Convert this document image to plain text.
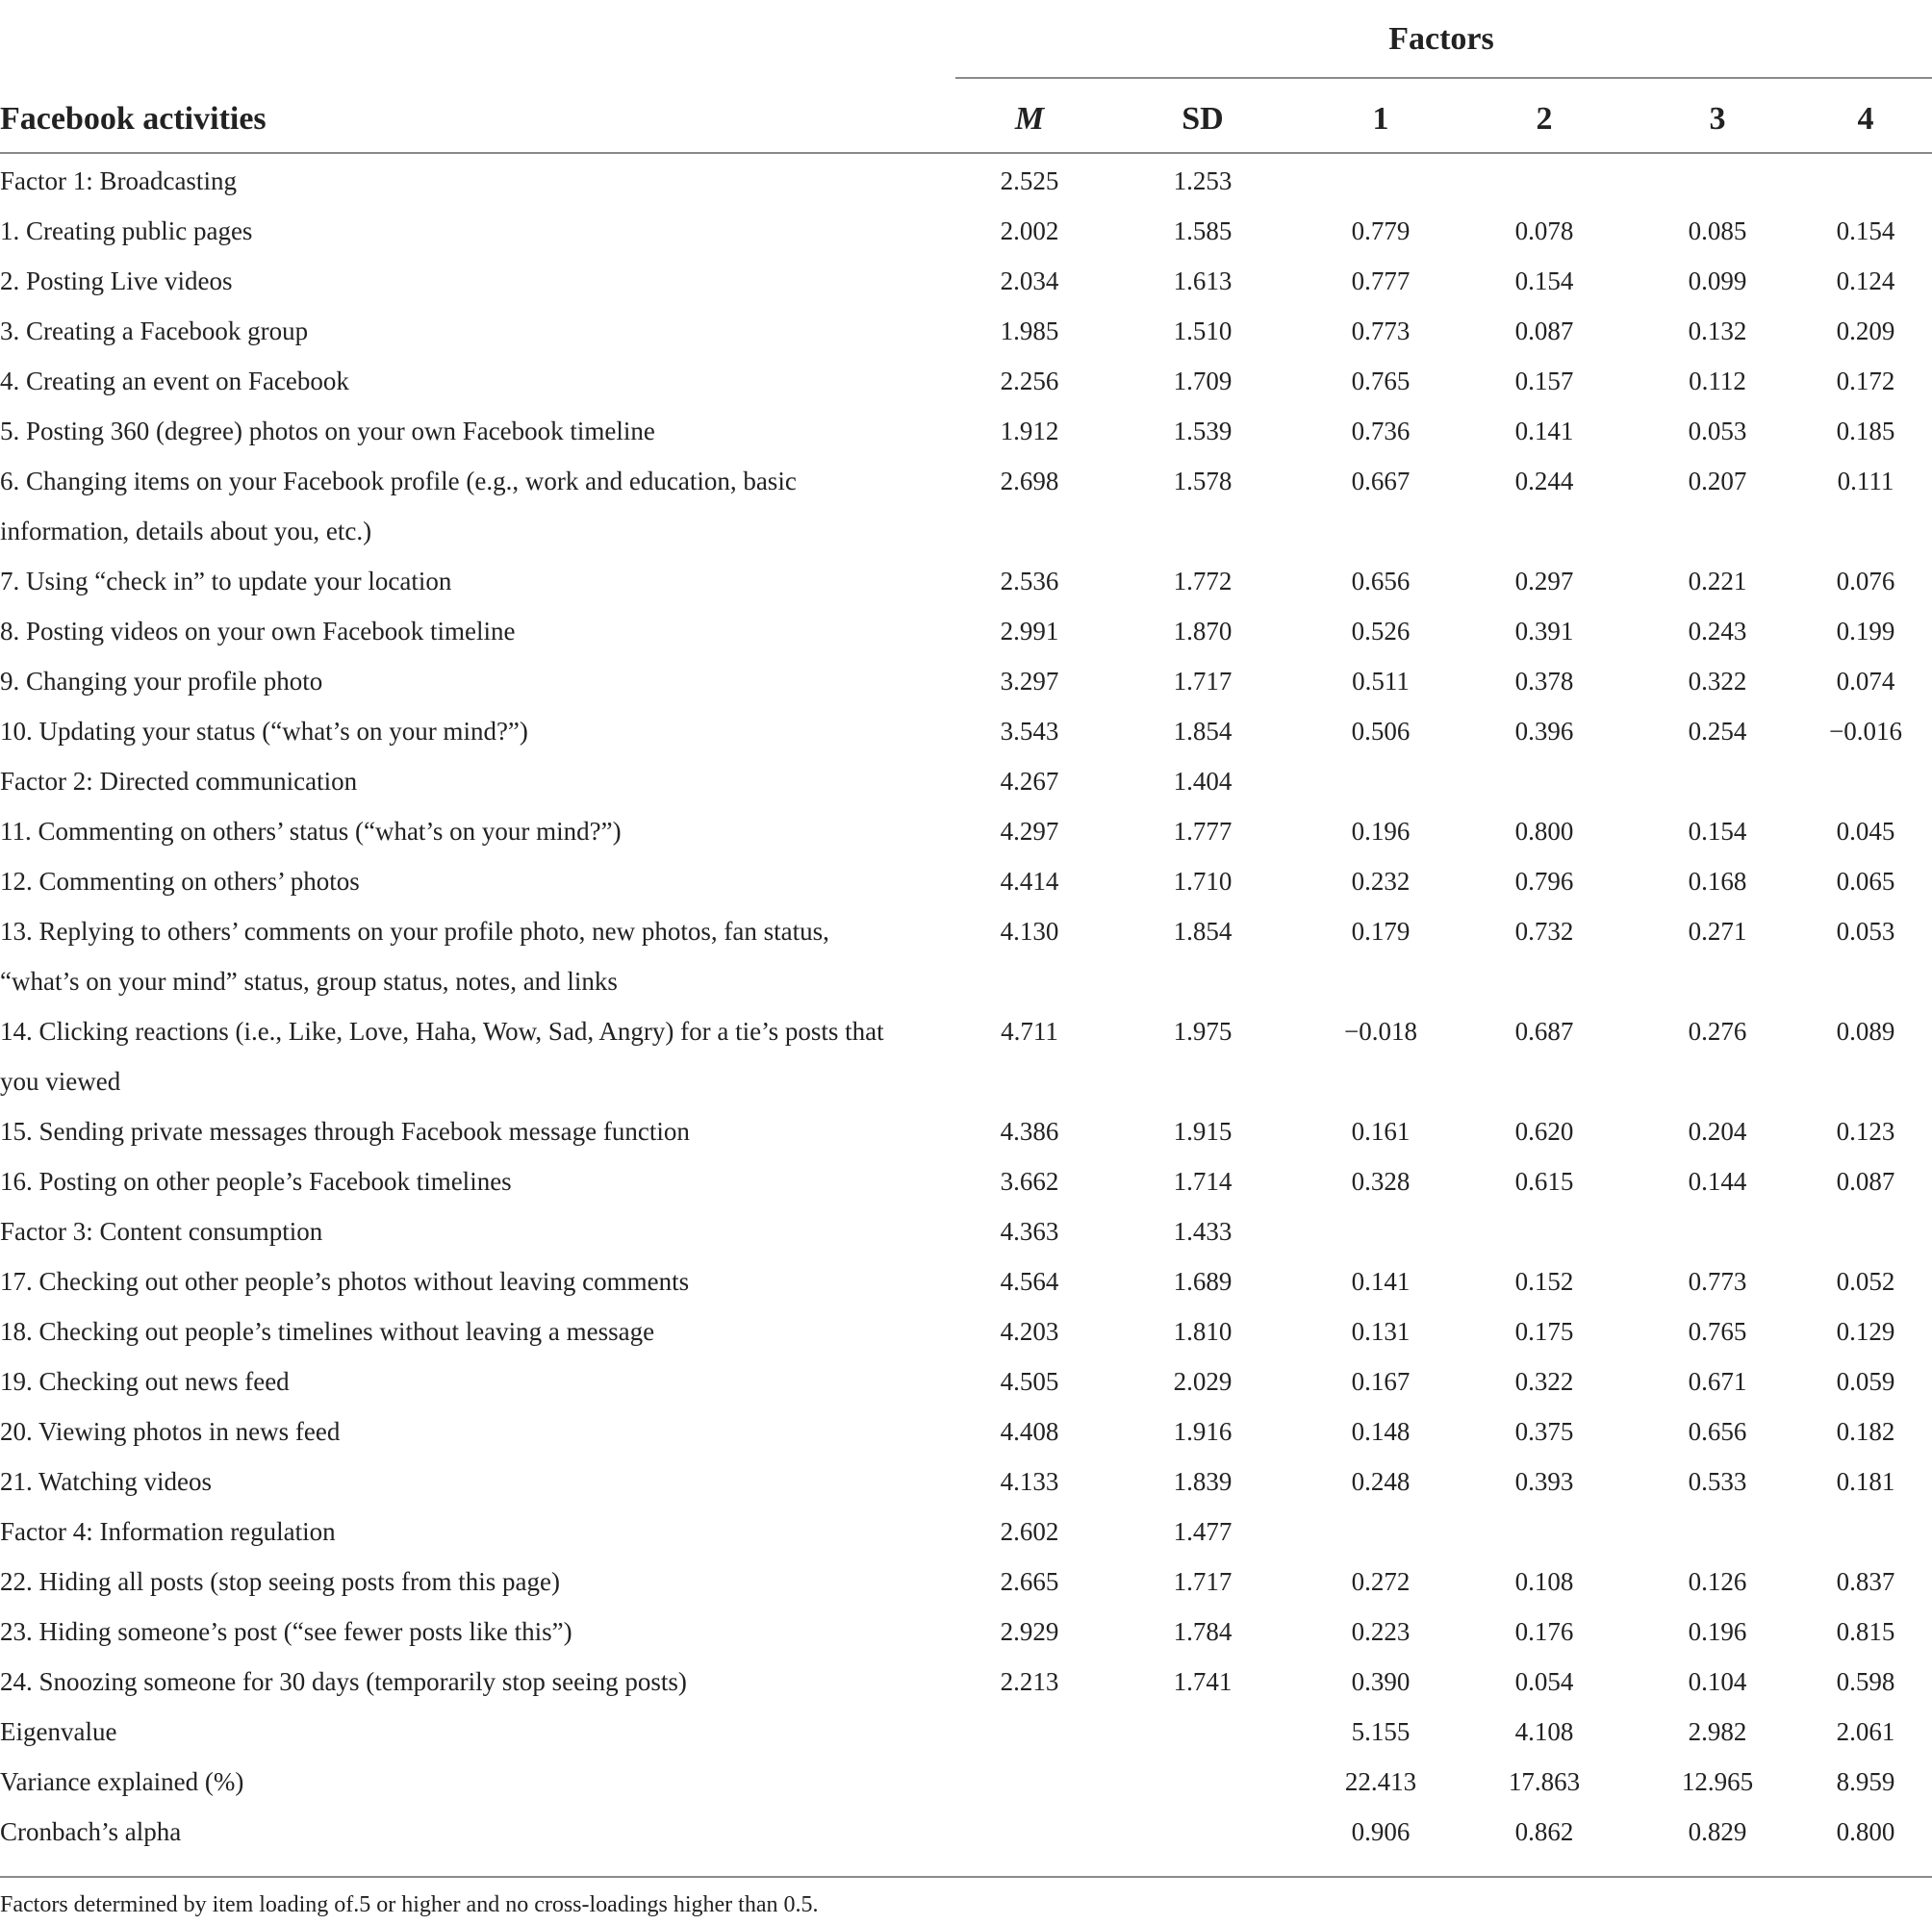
Factors
Facebook activities	M	SD	1	2	3	4

Factor 1: Broadcasting	2.525	1.253				

1. Creating public pages	2.002	1.585	0.779	0.078	0.085	0.154

2. Posting Live videos	2.034	1.613	0.777	0.154	0.099	0.124

3. Creating a Facebook group	1.985	1.510	0.773	0.087	0.132	0.209

4. Creating an event on Facebook	2.256	1.709	0.765	0.157	0.112	0.172

5. Posting 360 (degree) photos on your own Facebook timeline	1.912	1.539	0.736	0.141	0.053	0.185

6. Changing items on your Facebook profile (e.g., work and education, basic
information, details about you, etc.)	2.698	1.578	0.667	0.244	0.207	0.111

7. Using “check in” to update your location	2.536	1.772	0.656	0.297	0.221	0.076

8. Posting videos on your own Facebook timeline	2.991	1.870	0.526	0.391	0.243	0.199

9. Changing your profile photo	3.297	1.717	0.511	0.378	0.322	0.074

10. Updating your status (“what’s on your mind?”)	3.543	1.854	0.506	0.396	0.254	−0.016

Factor 2: Directed communication	4.267	1.404				

11. Commenting on others’ status (“what’s on your mind?”)	4.297	1.777	0.196	0.800	0.154	0.045

12. Commenting on others’ photos	4.414	1.710	0.232	0.796	0.168	0.065

13. Replying to others’ comments on your profile photo, new photos, fan status,
“what’s on your mind” status, group status, notes, and links	4.130	1.854	0.179	0.732	0.271	0.053

14. Clicking reactions (i.e., Like, Love, Haha, Wow, Sad, Angry) for a tie’s posts that
you viewed	4.711	1.975	−0.018	0.687	0.276	0.089

15. Sending private messages through Facebook message function	4.386	1.915	0.161	0.620	0.204	0.123

16. Posting on other people’s Facebook timelines	3.662	1.714	0.328	0.615	0.144	0.087

Factor 3: Content consumption	4.363	1.433				

17. Checking out other people’s photos without leaving comments	4.564	1.689	0.141	0.152	0.773	0.052

18. Checking out people’s timelines without leaving a message	4.203	1.810	0.131	0.175	0.765	0.129

19. Checking out news feed	4.505	2.029	0.167	0.322	0.671	0.059

20. Viewing photos in news feed	4.408	1.916	0.148	0.375	0.656	0.182

21. Watching videos	4.133	1.839	0.248	0.393	0.533	0.181

Factor 4: Information regulation	2.602	1.477				

22. Hiding all posts (stop seeing posts from this page)	2.665	1.717	0.272	0.108	0.126	0.837

23. Hiding someone’s post (“see fewer posts like this”)	2.929	1.784	0.223	0.176	0.196	0.815

24. Snoozing someone for 30 days (temporarily stop seeing posts)	2.213	1.741	0.390	0.054	0.104	0.598

Eigenvalue			5.155	4.108	2.982	2.061

Variance explained (%)			22.413	17.863	12.965	8.959

Cronbach’s alpha			0.906	0.862	0.829	0.800
Factors determined by item loading of.5 or higher and no cross-loadings higher than 0.5.
